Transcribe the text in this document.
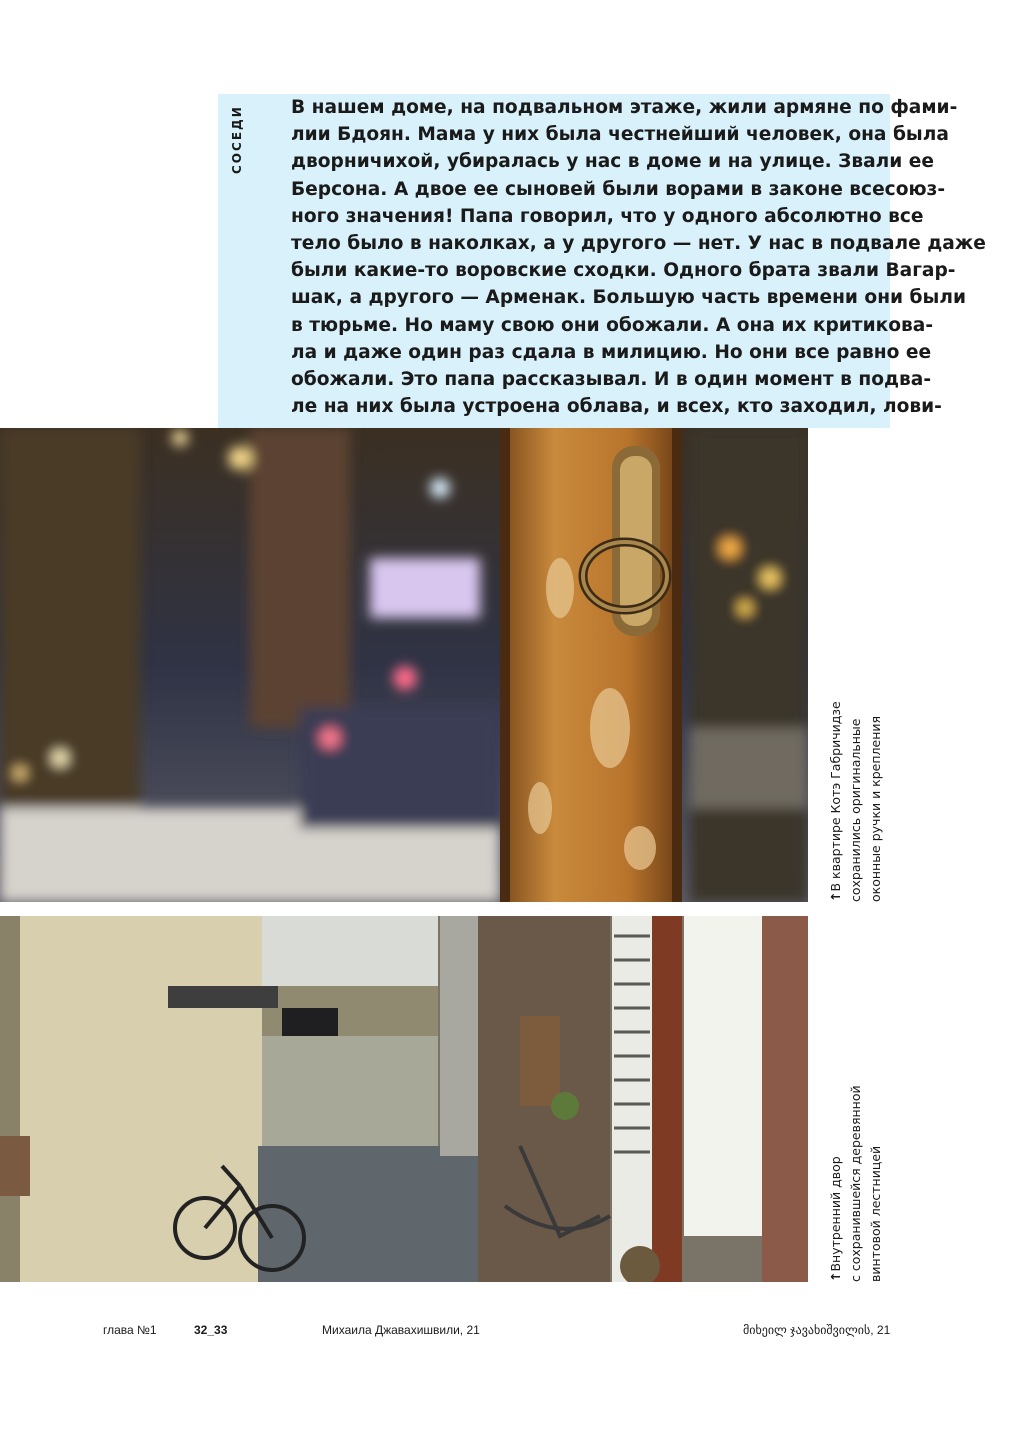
СОСЕДИ	В нашем доме, на подвальном этаже, жили армяне по фами-
лии Бдоян. Мама у них была честнейший человек, она была
дворничихой, убиралась у нас в доме и на улице. Звали ее
Берсона. А двое ее сыновей были ворами в законе всесоюз-
ного значения! Папа говорил, что у одного абсолютно все
тело было в наколках, а у другого — нет. У нас в подвале даже
были какие-то воровские сходки. Одного брата звали Вагар-
шак, а другого — Арменак. Большую часть времени они были
в тюрьме. Но маму свою они обожали. А она их критикова-
ла и даже один раз сдала в милицию. Но они все равно ее
обожали. Это папа рассказывал. И в один момент в подва-
ле на них была устроена облава, и всех, кто заходил, лови-
↑В квартире Котэ Габричидзе сохранились оригинальные оконные ручки и крепления
↑Внутренний двор с сохранившейся деревянной винтовой лестницей
глава №1	32_33	Михаила Джавахишвили, 21	მიხეილ ჯავახიშვილის, 21
